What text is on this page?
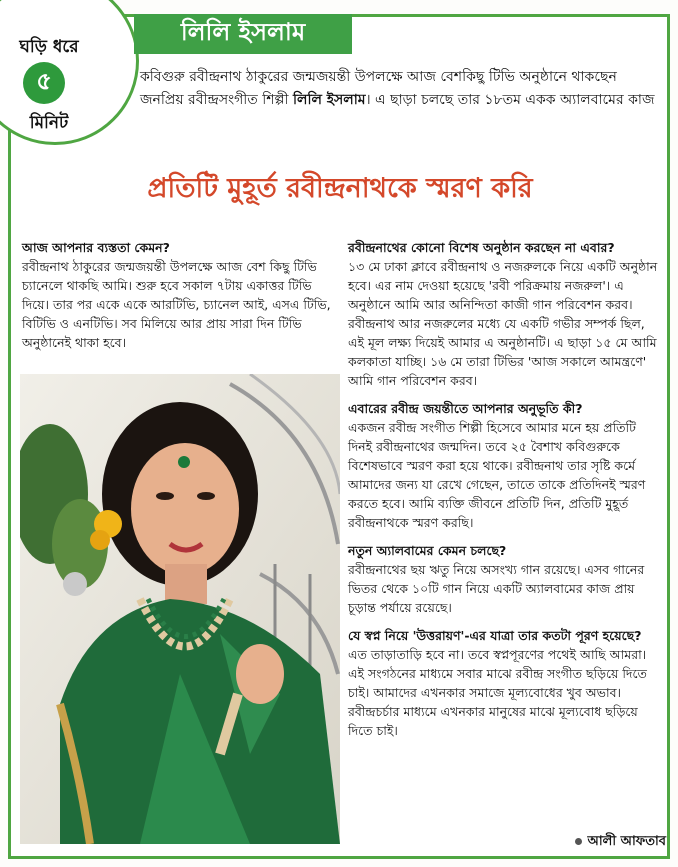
ঘড়ি ধরে
৫
মিনিট
লিলি ইসলাম
কবিগুরু রবীন্দ্রনাথ ঠাকুরের জন্মজয়ন্তী উপলক্ষে আজ বেশকিছু টিভি অনুষ্ঠানে থাকছেন জনপ্রিয় রবীন্দ্রসংগীত শিল্পী লিলি ইসলাম। এ ছাড়া চলছে তার ১৮তম একক অ্যালবামের কাজ
প্রতিটি মুহূর্ত রবীন্দ্রনাথকে স্মরণ করি
আজ আপনার ব্যস্ততা কেমন?
রবীন্দ্রনাথ ঠাকুরের জন্মজয়ন্তী উপলক্ষে আজ বেশ কিছু টিভি চ্যানেলে থাকছি আমি। শুরু হবে সকাল ৭টায় একাত্তর টিভি দিয়ে। তার পর একে একে আরটিভি, চ্যানেল আই, এসএ টিভি, বিটিভি ও এনটিভি। সব মিলিয়ে আর প্রায় সারা দিন টিভি অনুষ্ঠানেই থাকা হবে।
রবীন্দ্রনাথের কোনো বিশেষ অনুষ্ঠান করছেন না এবার?
১৩ মে ঢাকা ক্লাবে রবীন্দ্রনাথ ও নজরুলকে নিয়ে একটি অনুষ্ঠান হবে। এর নাম দেওয়া হয়েছে 'রবী পরিক্রমায় নজরুল'। এ অনুষ্ঠানে আমি আর অনিন্দিতা কাজী গান পরিবেশন করব। রবীন্দ্রনাথ আর নজরুলের মধ্যে যে একটি গভীর সম্পর্ক ছিল, এই মূল লক্ষ্য দিয়েই আমার এ অনুষ্ঠানটি। এ ছাড়া ১৫ মে আমি কলকাতা যাচ্ছি। ১৬ মে তারা টিভির 'আজ সকালে আমন্ত্রণে' আমি গান পরিবেশন করব।
এবারের রবীন্দ্র জয়ন্তীতে আপনার অনুভূতি কী?
একজন রবীন্দ্র সংগীত শিল্পী হিসেবে আমার মনে হয় প্রতিটি দিনই রবীন্দ্রনাথের জন্মদিন। তবে ২৫ বৈশাখ কবিগুরুকে বিশেষভাবে স্মরণ করা হয়ে থাকে। রবীন্দ্রনাথ তার সৃষ্টি কর্মে আমাদের জন্য যা রেখে গেছেন, তাতে তাকে প্রতিদিনই স্মরণ করতে হবে। আমি ব্যক্তি জীবনে প্রতিটি দিন, প্রতিটি মুহূর্ত রবীন্দ্রনাথকে স্মরণ করছি।
নতুন অ্যালবামের কেমন চলছে?
রবীন্দ্রনাথের ছয় ঋতু নিয়ে অসংখ্য গান রয়েছে। এসব গানের ভিতর থেকে ১০টি গান নিয়ে একটি অ্যালবামের কাজ প্রায় চূড়ান্ত পর্যায়ে রয়েছে।
যে স্বপ্ন নিয়ে 'উত্তরায়ণ'-এর যাত্রা তার কতটা পূরণ হয়েছে?
এত তাড়াতাড়ি হবে না। তবে স্বপ্নপূরণের পথেই আছি আমরা। এই সংগঠনের মাধ্যমে সবার মাঝে রবীন্দ্র সংগীত ছড়িয়ে দিতে চাই। আমাদের এখনকার সমাজে মূল্যবোধের খুব অভাব। রবীন্দ্রচর্চার মাধ্যমে এখনকার মানুষের মাঝে মূল্যবোধ ছড়িয়ে দিতে চাই।
আলী আফতাব
